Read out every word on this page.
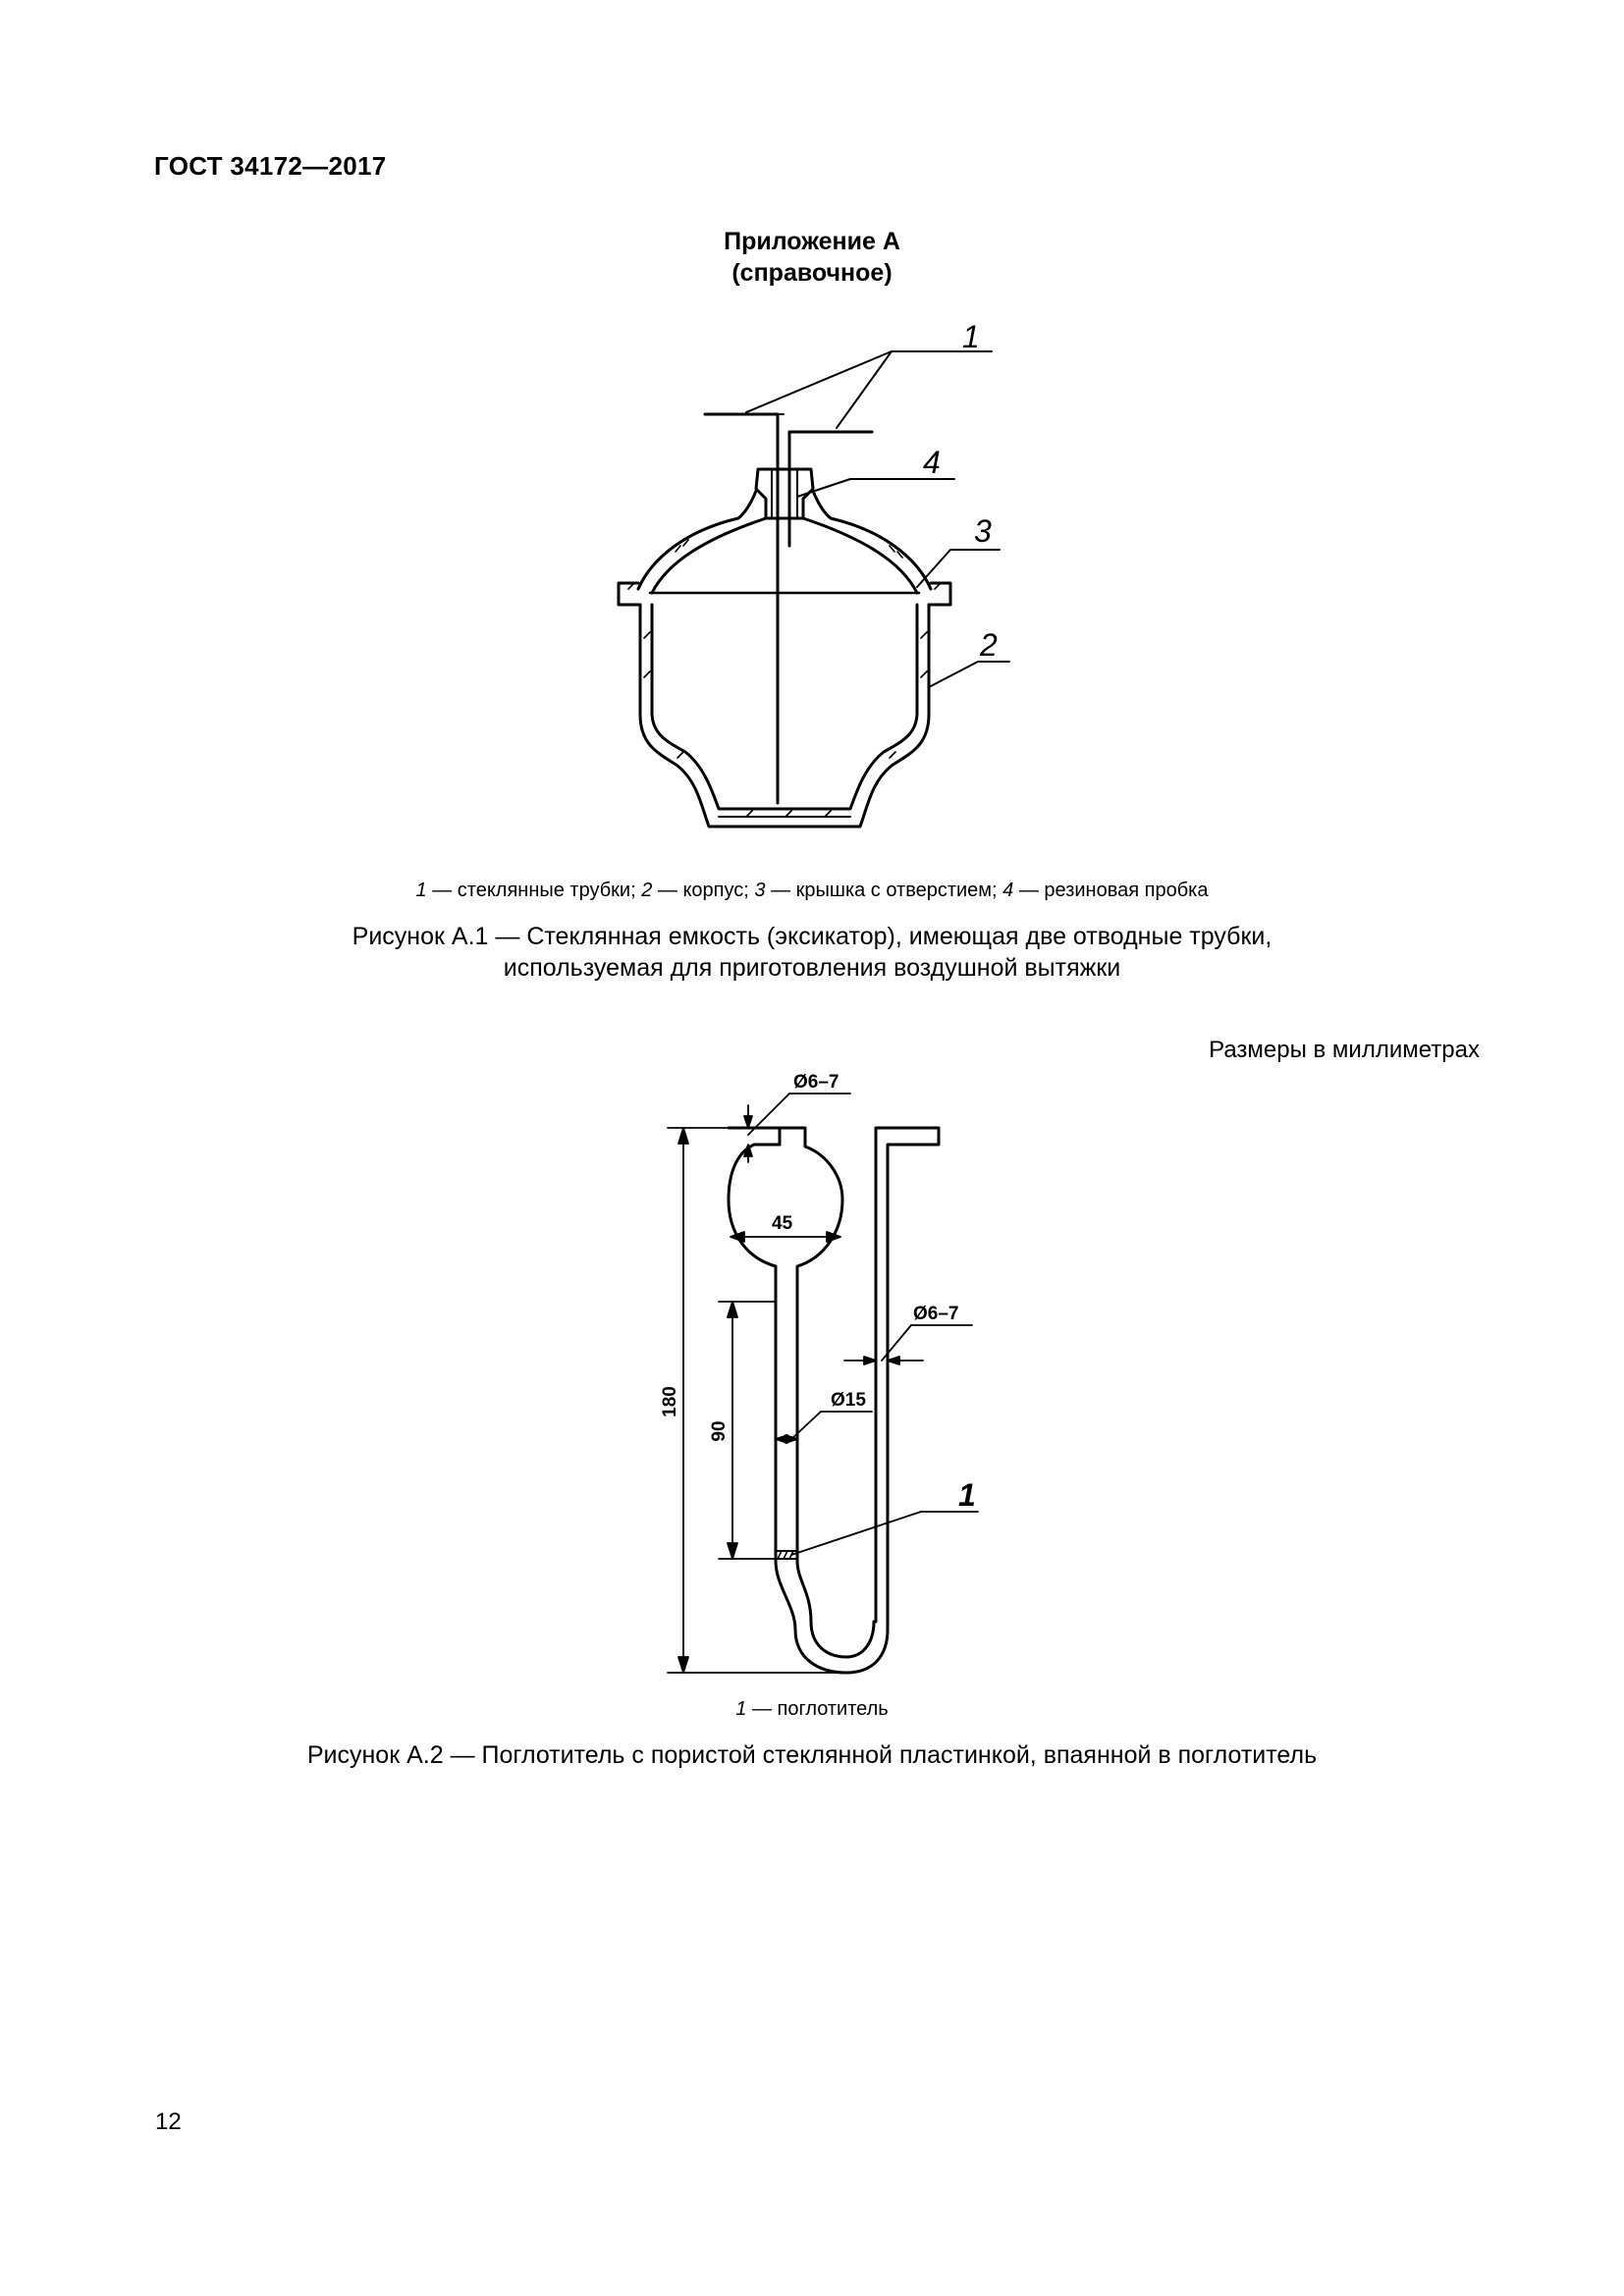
ГОСТ 34172—2017
Приложение А
(справочное)
1
2
3
4
1 — стеклянные трубки; 2 — корпус; 3 — крышка с отверстием; 4 — резиновая пробка
Рисунок А.1 — Стеклянная емкость (эксикатор), имеющая две отводные трубки,
используемая для приготовления воздушной вытяжки
Размеры в миллиметрах
Ø6–7
45
Ø6–7
Ø15
180
90
1
1 — поглотитель
Рисунок А.2 — Поглотитель с пористой стеклянной пластинкой, впаянной в поглотитель
12
